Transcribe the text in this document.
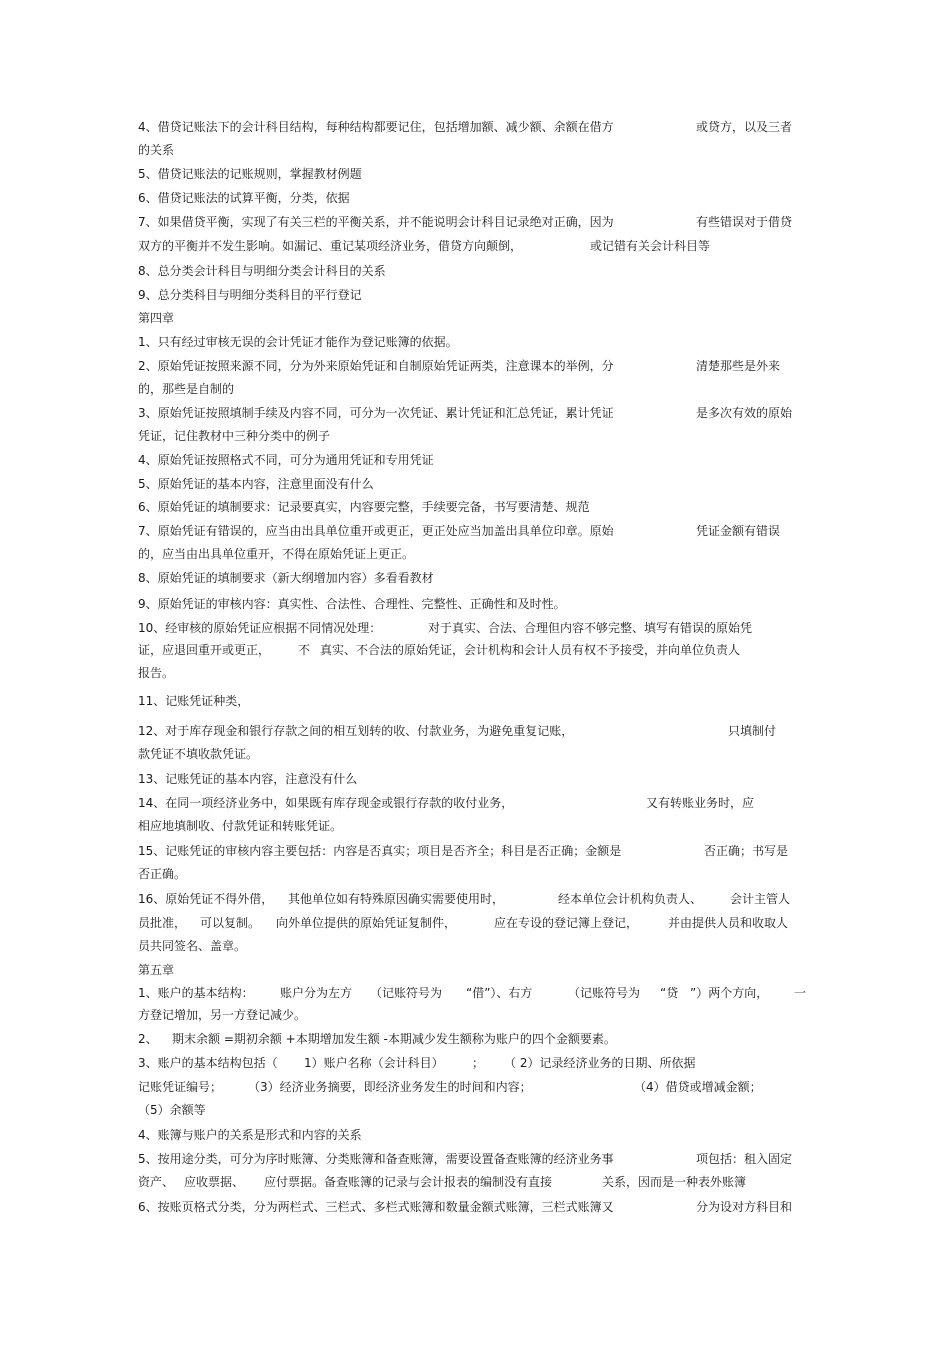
4、借贷记账法下的会计科目结构，每种结构都要记住，包括增加额、减少额、余额在借方	或贷方，以及三者
的关系
5、借贷记账法的记账规则，掌握教材例题
6、借贷记账法的试算平衡，分类，依据
7、如果借贷平衡，实现了有关三栏的平衡关系，并不能说明会计科目记录绝对正确，因为	有些错误对于借贷
双方的平衡并不发生影响。如漏记、重记某项经济业务，借贷方向颠倒，	或记错有关会计科目等
8、总分类会计科目与明细分类会计科目的关系
9、总分类科目与明细分类科目的平行登记
第四章
1、只有经过审核无误的会计凭证才能作为登记账簿的依据。
2、原始凭证按照来源不同，分为外来原始凭证和自制原始凭证两类，注意课本的举例，分	清楚那些是外来
的，那些是自制的
3、原始凭证按照填制手续及内容不同，可分为一次凭证、累计凭证和汇总凭证，累计凭证	是多次有效的原始
凭证，记住教材中三种分类中的例子
4、原始凭证按照格式不同，可分为通用凭证和专用凭证
5、原始凭证的基本内容，注意里面没有什么
6、原始凭证的填制要求：记录要真实，内容要完整，手续要完备，书写要清楚、规范
7、原始凭证有错误的，应当由出具单位重开或更正，更正处应当加盖出具单位印章。原始	凭证金额有错误
的，应当由出具单位重开，不得在原始凭证上更正。
8、原始凭证的填制要求（新大纲增加内容）多看看教材
9、原始凭证的审核内容：真实性、合法性、合理性、完整性、正确性和及时性。
10、经审核的原始凭证应根据不同情况处理：	对于真实、合法、合理但内容不够完整、填写有错误的原始凭
证，应退回重开或更正， 不 真实、不合法的原始凭证，会计机构和会计人员有权不予接受，并向单位负责人
报告。
11、记账凭证种类，
12、对于库存现金和银行存款之间的相互划转的收、付款业务，为避免重复记账，	只填制付
款凭证不填收款凭证。
13、记账凭证的基本内容，注意没有什么
14、在同一项经济业务中，如果既有库存现金或银行存款的收付业务，	又有转账业务时，应
相应地填制收、付款凭证和转账凭证。
15、记账凭证的审核内容主要包括：内容是否真实；项目是否齐全；科目是否正确；金额是	否正确；书写是
否正确。
16、原始凭证不得外借， 其他单位如有特殊原因确实需要使用时，	经本单位会计机构负责人、 会计主管人
员批准， 可以复制。 向外单位提供的原始凭证复制件，	应在专设的登记簿上登记， 并由提供人员和收取人
员共同签名、盖章。
第五章
1、账户的基本结构： 账户分为左方 （记账符号为 “借”）、右方	（记账符号为 “贷 ”）两个方向， 一
方登记增加，另一方登记减少。
2、 期末余额 =期初余额 +本期增加发生额 -本期减少发生额称为账户的四个金额要素。
3、账户的基本结构包括（ 1）账户名称（会计科目） ； （ 2）记录经济业务的日期、所依据
记账凭证编号； （3）经济业务摘要，即经济业务发生的时间和内容；	（4）借贷或增减金额；
（5）余额等
4、账簿与账户的关系是形式和内容的关系
5、按用途分类，可分为序时账簿、分类账簿和备查账簿，需要设置备查账簿的经济业务事	项包括：租入固定
资产、 应收票据、 应付票据。备查账簿的记录与会计报表的编制没有直接	关系，因而是一种表外账簿
6、按账页格式分类，分为两栏式、三栏式、多栏式账簿和数量金额式账簿，三栏式账簿又	分为设对方科目和
